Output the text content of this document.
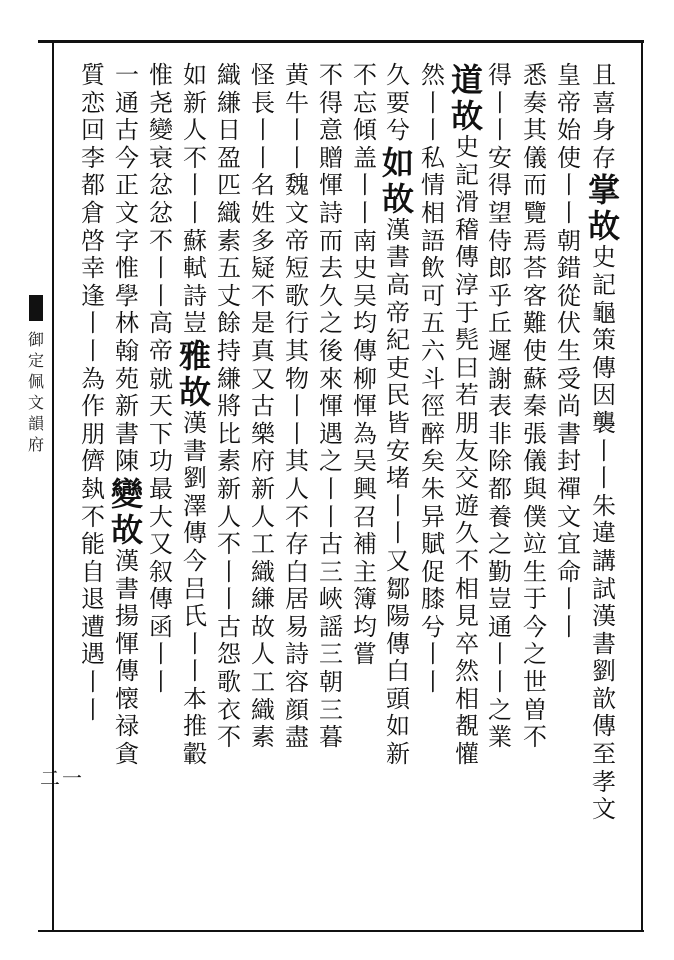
御
定
佩
文
韻
府
二一
且
喜
身
存
掌
故
史
記
龜
策
傳
因
襲
丨
丨
朱
違
講
試
漢
書
劉
歆
傳
至
孝
文
皇
帝
始
使
丨
丨
朝
錯
從
伏
生
受
尚
書
封
禪
文
宜
命
丨
丨
悉
奏
其
儀
而
覽
焉
荅
客
難
使
蘇
秦
張
儀
與
僕
竝
生
于
今
之
世
曽
不
得
丨
丨
安
得
望
侍
郎
乎
丘
遲
謝
表
非
除
都
養
之
勤
豈
通
丨
丨
之
業
道
故
史
記
滑
稽
傳
淳
于
髡
曰
若
朋
友
交
遊
久
不
相
見
卒
然
相
覩
懽
然
丨
丨
私
情
相
語
飲
可
五
六
斗
徑
醉
矣
朱
异
賦
促
膝
兮
丨
丨
久
要
兮
如
故
漢
書
高
帝
紀
吏
民
皆
安
堵
丨
丨
又
鄒
陽
傳
白
頭
如
新
不
忘
傾
盖
丨
丨
南
史
吴
均
傳
柳
惲
為
吴
興
召
補
主
簿
均
嘗
不
得
意
贈
惲
詩
而
去
久
之
後
來
惲
遇
之
丨
丨
古
三
峽
謡
三
朝
三
暮
黄
牛
丨
丨
魏
文
帝
短
歌
行
其
物
丨
丨
其
人
不
存
白
居
易
詩
容
顔
盡
怪
長
丨
丨
名
姓
多
疑
不
是
真
又
古
樂
府
新
人
工
織
縑
故
人
工
織
素
織
縑
日
盈
匹
織
素
五
丈
餘
持
縑
將
比
素
新
人
不
丨
丨
古
怨
歌
衣
不
如
新
人
不
丨
丨
蘇
軾
詩
豈
雅
故
漢
書
劉
澤
傳
今
吕
氏
丨
丨
本
推
轂
惟
尧
變
衰
忿
忿
不
丨
丨
高
帝
就
天
下
功
最
大
又
叙
傳
函
丨
丨
一
通
古
今
正
文
字
惟
學
林
翰
苑
新
書
陳
變
故
漢
書
揚
惲
傳
懐
禄
貪
質
恋
回
李
都
倉
啓
幸
逢
丨
丨
為
作
朋
儕
埶
不
能
自
退
遭
遇
丨
丨
